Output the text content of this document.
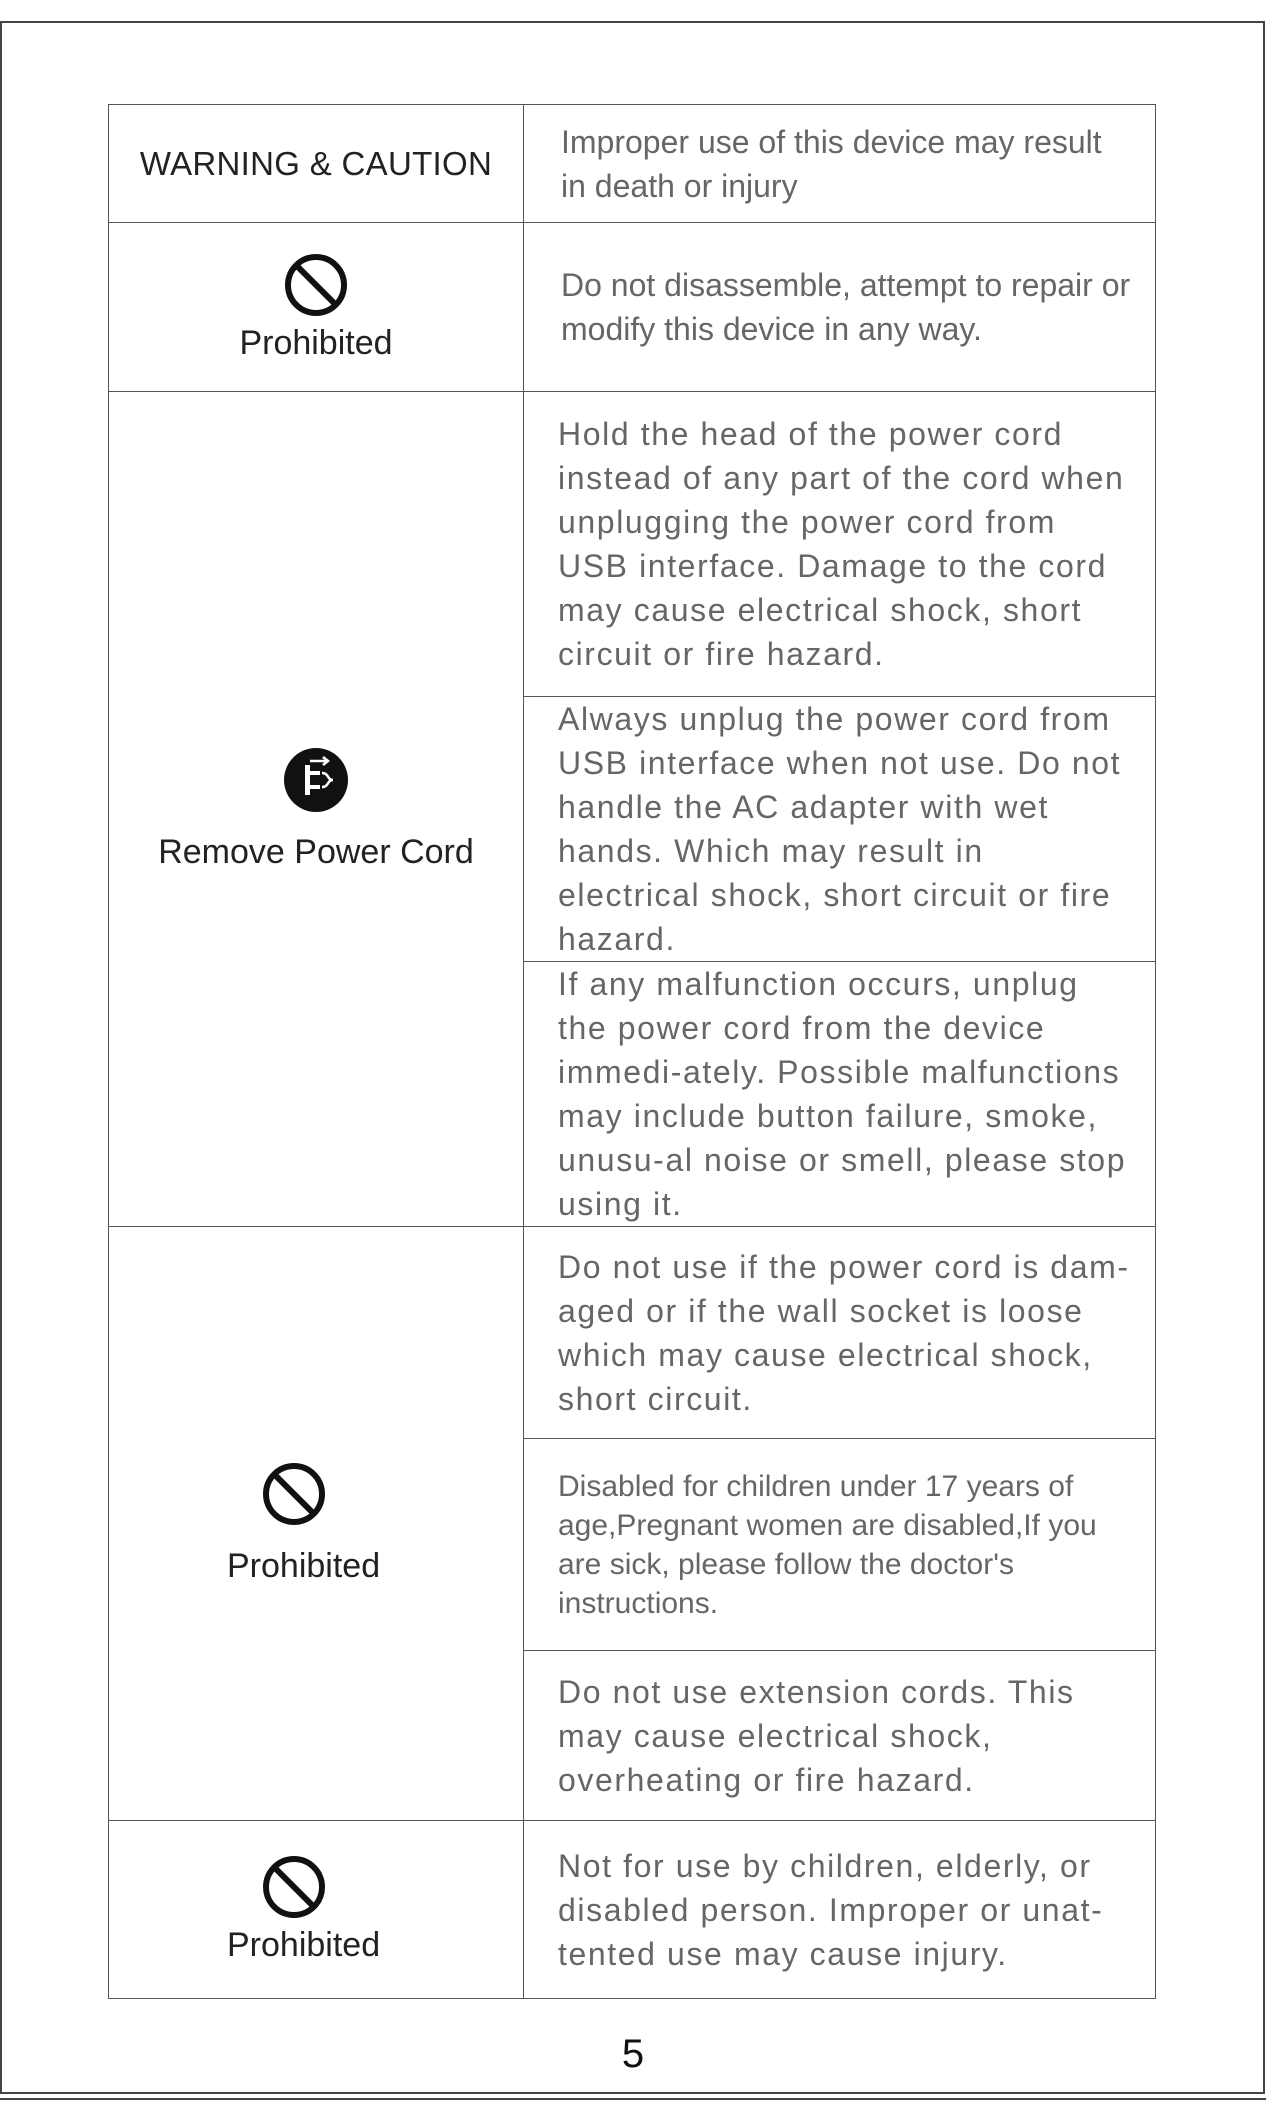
WARNING & CAUTION	Improper use of this device may result in death or injury

Prohibited	Do not disassemble, attempt to repair or modify this device in any way.

Remove Power Cord	Hold the head of the power cord instead of any part of the cord when unplugging the power cord from USB interface. Damage to the cord may cause electrical shock, short circuit or fire hazard.
	Always unplug the power cord from USB interface when not use. Do not handle the AC adapter with wet hands. Which may result in electrical shock, short circuit or fire hazard.
	If any malfunction occurs, unplug the power cord from the device immedi-ately. Possible malfunctions may include button failure, smoke, unusu-al noise or smell, please stop using it.

Prohibited	Do not use if the power cord is dam-aged or if the wall socket is loose which may cause electrical shock, short circuit.
	Disabled for children under 17 years of age,Pregnant women are disabled,If you are sick, please follow the doctor's instructions.
	Do not use extension cords. This may cause electrical shock, overheating or fire hazard.

Prohibited	Not for use by children, elderly, or disabled person. Improper or unat-tented use may cause injury.
5
